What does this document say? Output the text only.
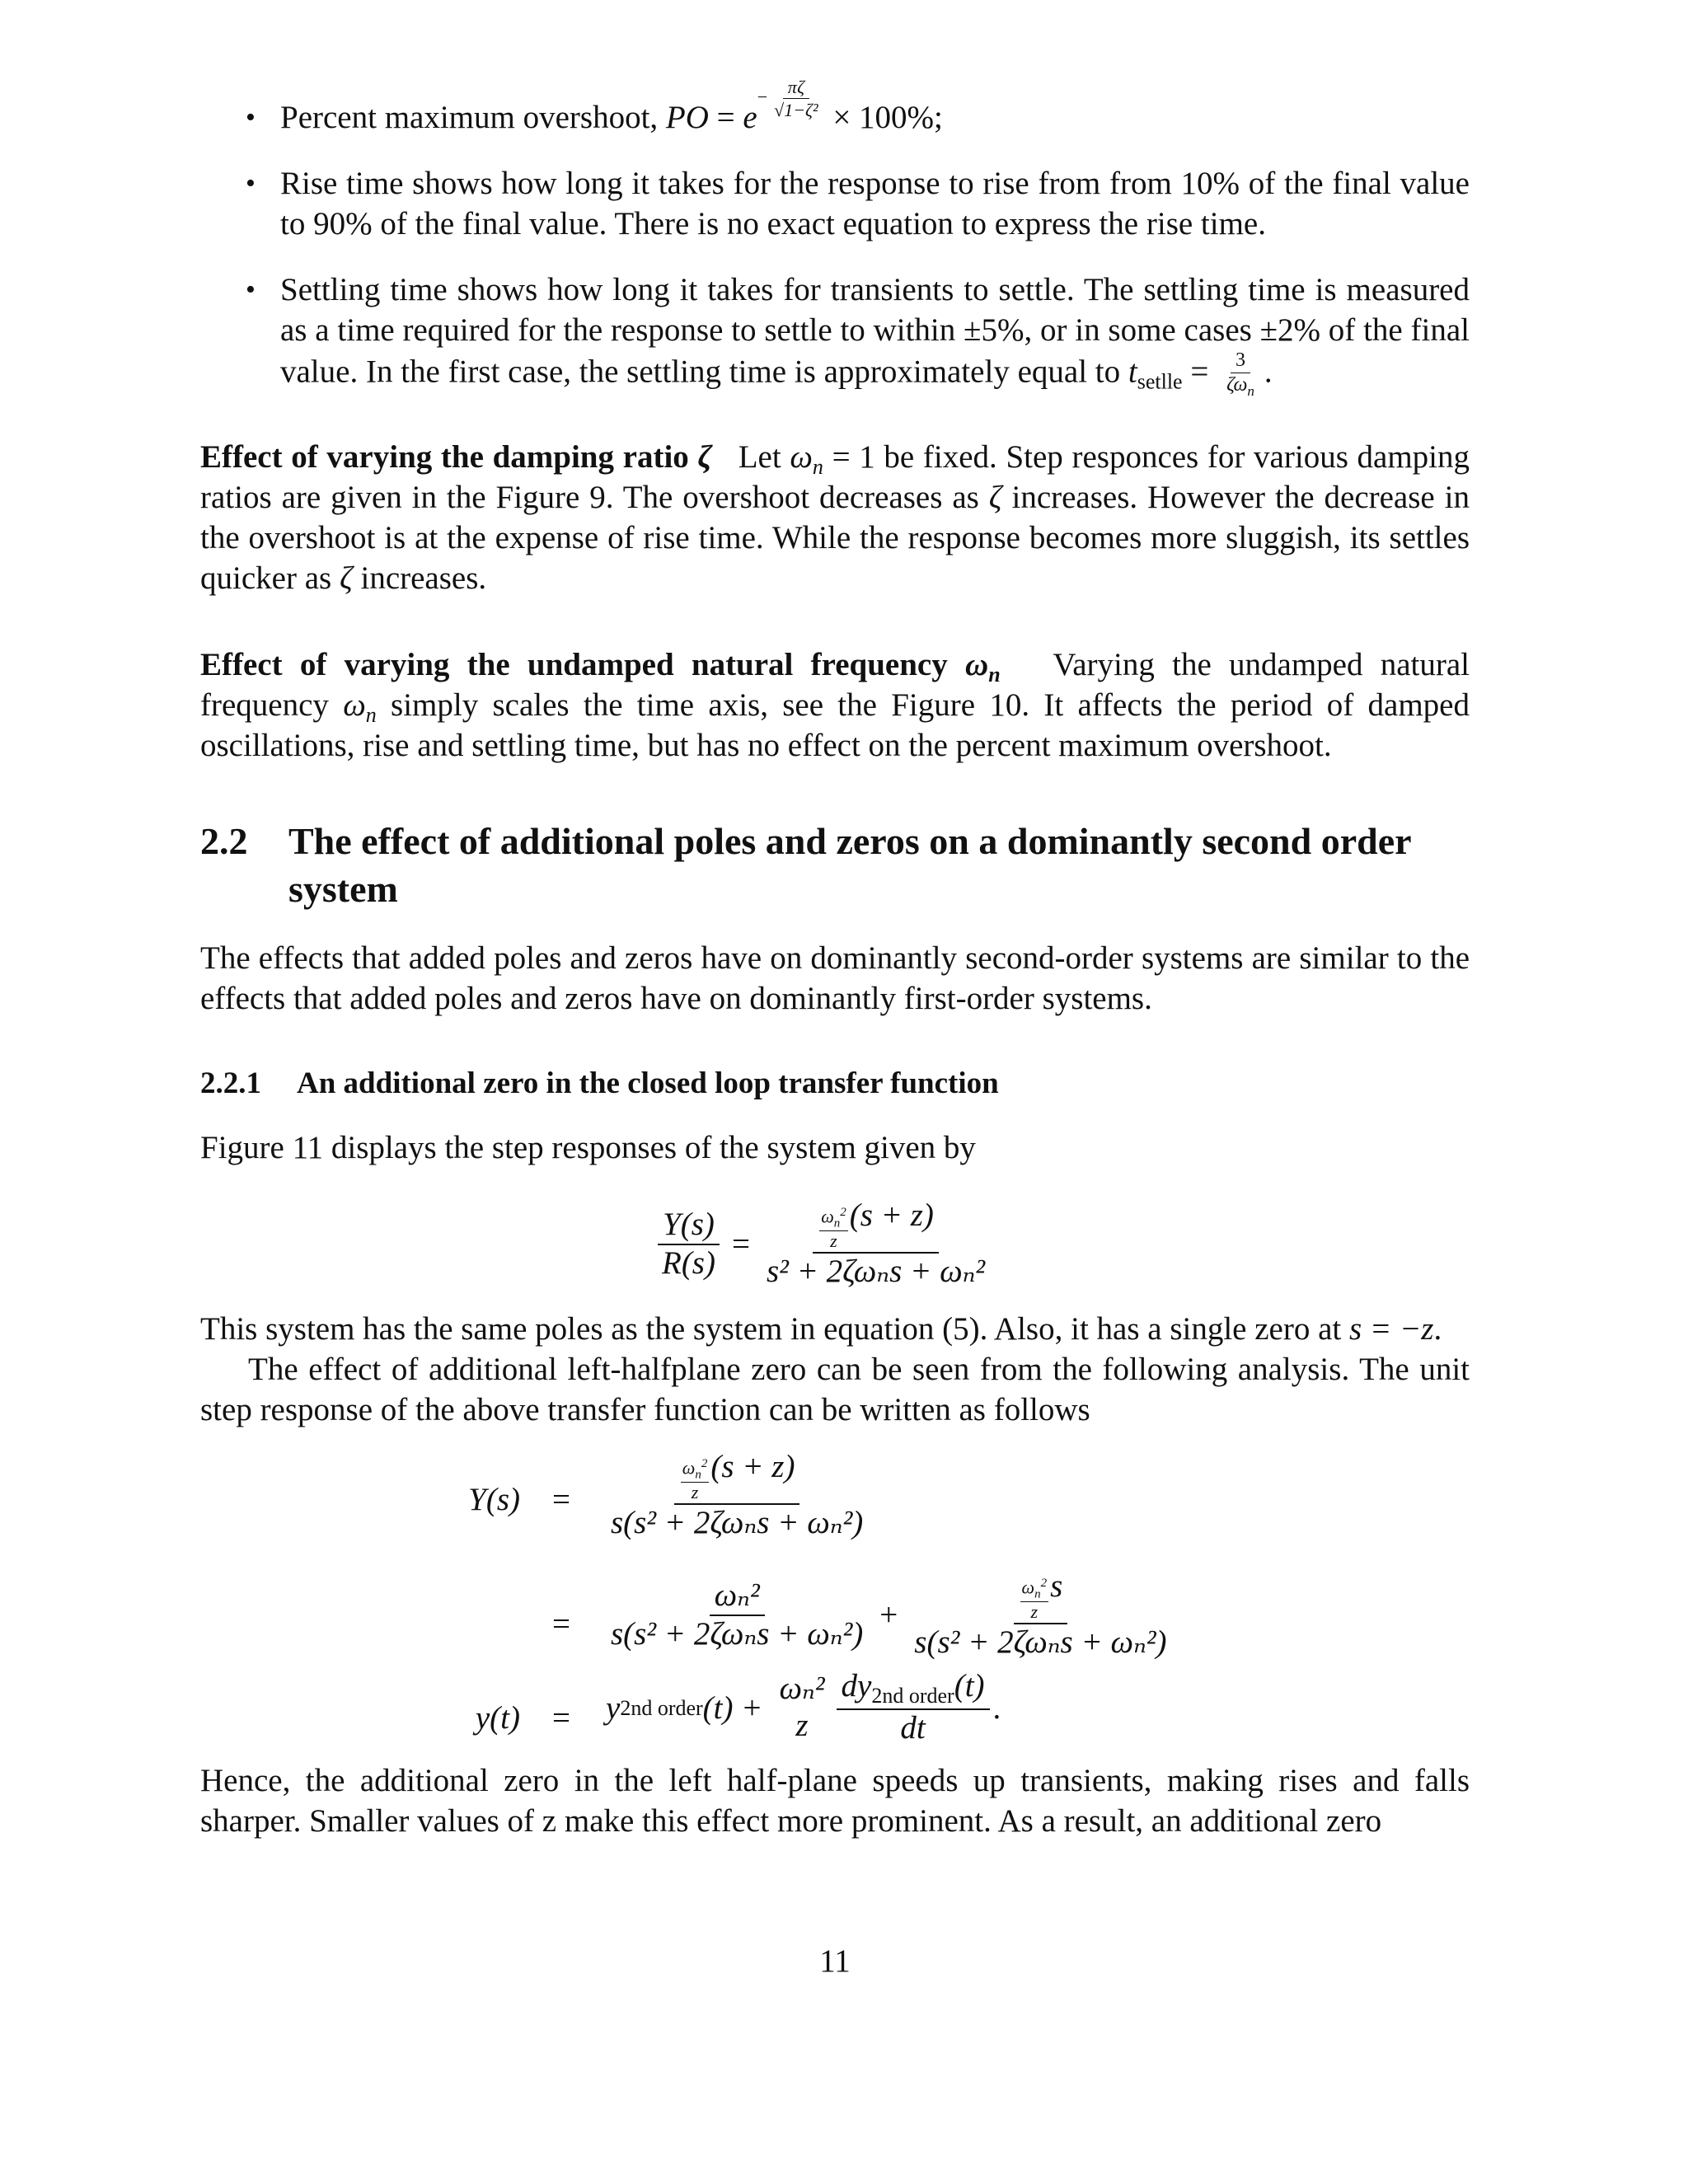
• Percent maximum overshoot, PO = $e- \frac{\pi\zeta}{\text{√1−ζ²}} \times 100\%$;
• Rise time shows how long it takes for the response to rise from from 10% of the final value to 90% of the final value. There is no exact equation to express the rise time.
• Settling time shows how long it takes for transients to settle. The settling time is measured as a time required for the response to settle to within ±5%, or in some cases ±2% of the final value. In the first case, the settling time is approximately equal to $t_{setlle} = \frac{3}{\zeta\omega_n}$ .

Effect of varying the damping ratio ζ Let $\omega_n = 1$ be fixed. Step responces for various damping ratios are given in the Figure 9. The overshoot decreases as ζ increases. However the decrease in the overshoot is at the expense of rise time. While the response becomes more sluggish, its settles quicker as ζ increases.

Effect of varying the undamped natural frequency $\omega_n$ Varying the undamped natural frequency $\omega_n$ simply scales the time axis, see the Figure 10. It affects the period of damped oscillations, rise and settling time, but has no effect on the percent maximum overshoot.

2.2 The effect of additional poles and zeros on a dominantly second order system

The effects that added poles and zeros have on dominantly second-order systems are similar to the effects that added poles and zeros have on dominantly first-order systems.

2.2.1 An additional zero in the closed loop transfer function

Figure 11 displays the step responses of the system given by

$\frac{Y(s)}{R(s)} = \frac{\frac{\omega_n^2}{z} (s + z)}{\text{s² + 2ζωₙs + ωₙ²}}$

This system has the same poles as the system in equation (5). Also, it has a single zero at s = −z.

The effect of additional left-halfplane zero can be seen from the following analysis. The unit step response of the above transfer function can be written as follows

$Y(s) = \frac{\frac{\omega_n^2}{z} (s + z)}{\text{s(s² + 2ζωₙs + ωₙ²)}}$
= $\frac{\text{ωₙ²}}{\text{s(s² + 2ζωₙs + ωₙ²)}} + \frac{\frac{\omega_n^2}{z} s}{\text{s(s² + 2ζωₙs + ωₙ²)}}$
y(t) = y 2nd order (t) +
ωₙ²
z $\frac{dy_{2nd order}(t)}{dt}$ .

Hence, the additional zero in the left half-plane speeds up transients, making rises and falls sharper. Smaller values of z make this effect more prominent. As a result, an additional zero

11
